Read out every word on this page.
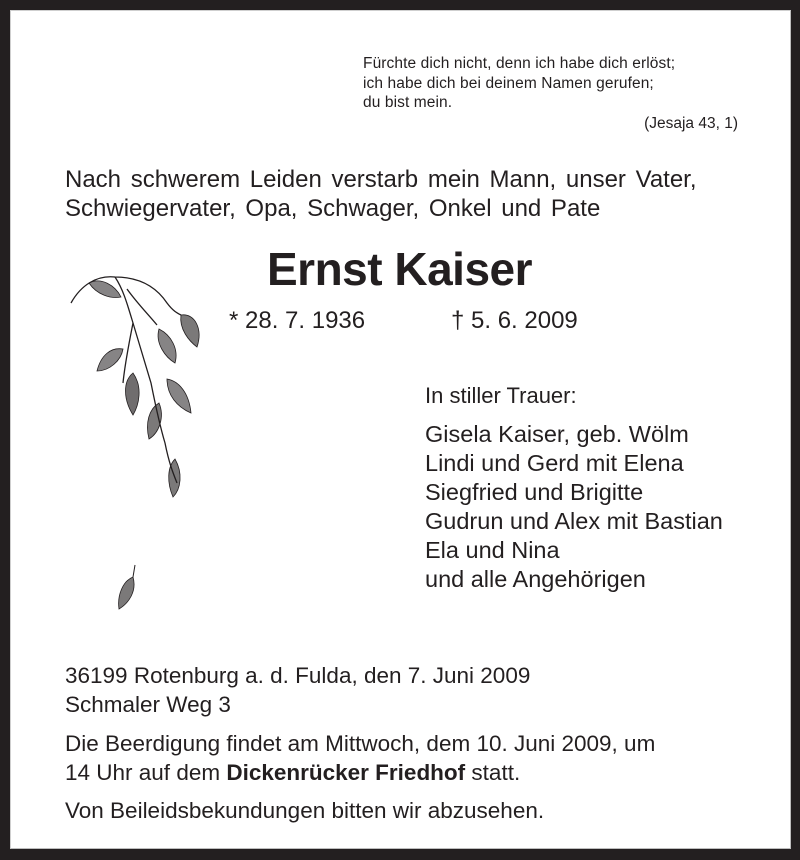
Fürchte dich nicht, denn ich habe dich erlöst;
ich habe dich bei deinem Namen gerufen;
du bist mein.
(Jesaja 43, 1)
Nach schwerem Leiden verstarb mein Mann, unser Vater,
Schwiegervater, Opa, Schwager, Onkel und Pate
Ernst Kaiser
* 28. 7. 1936	† 5. 6. 2009
In stiller Trauer:
Gisela Kaiser, geb. Wölm
Lindi und Gerd mit Elena
Siegfried und Brigitte
Gudrun und Alex mit Bastian
Ela und Nina
und alle Angehörigen
36199 Rotenburg a. d. Fulda, den 7. Juni 2009
Schmaler Weg 3
Die Beerdigung findet am Mittwoch, dem 10. Juni 2009, um
14 Uhr auf dem Dickenrücker Friedhof statt.
Von Beileidsbekundungen bitten wir abzusehen.
